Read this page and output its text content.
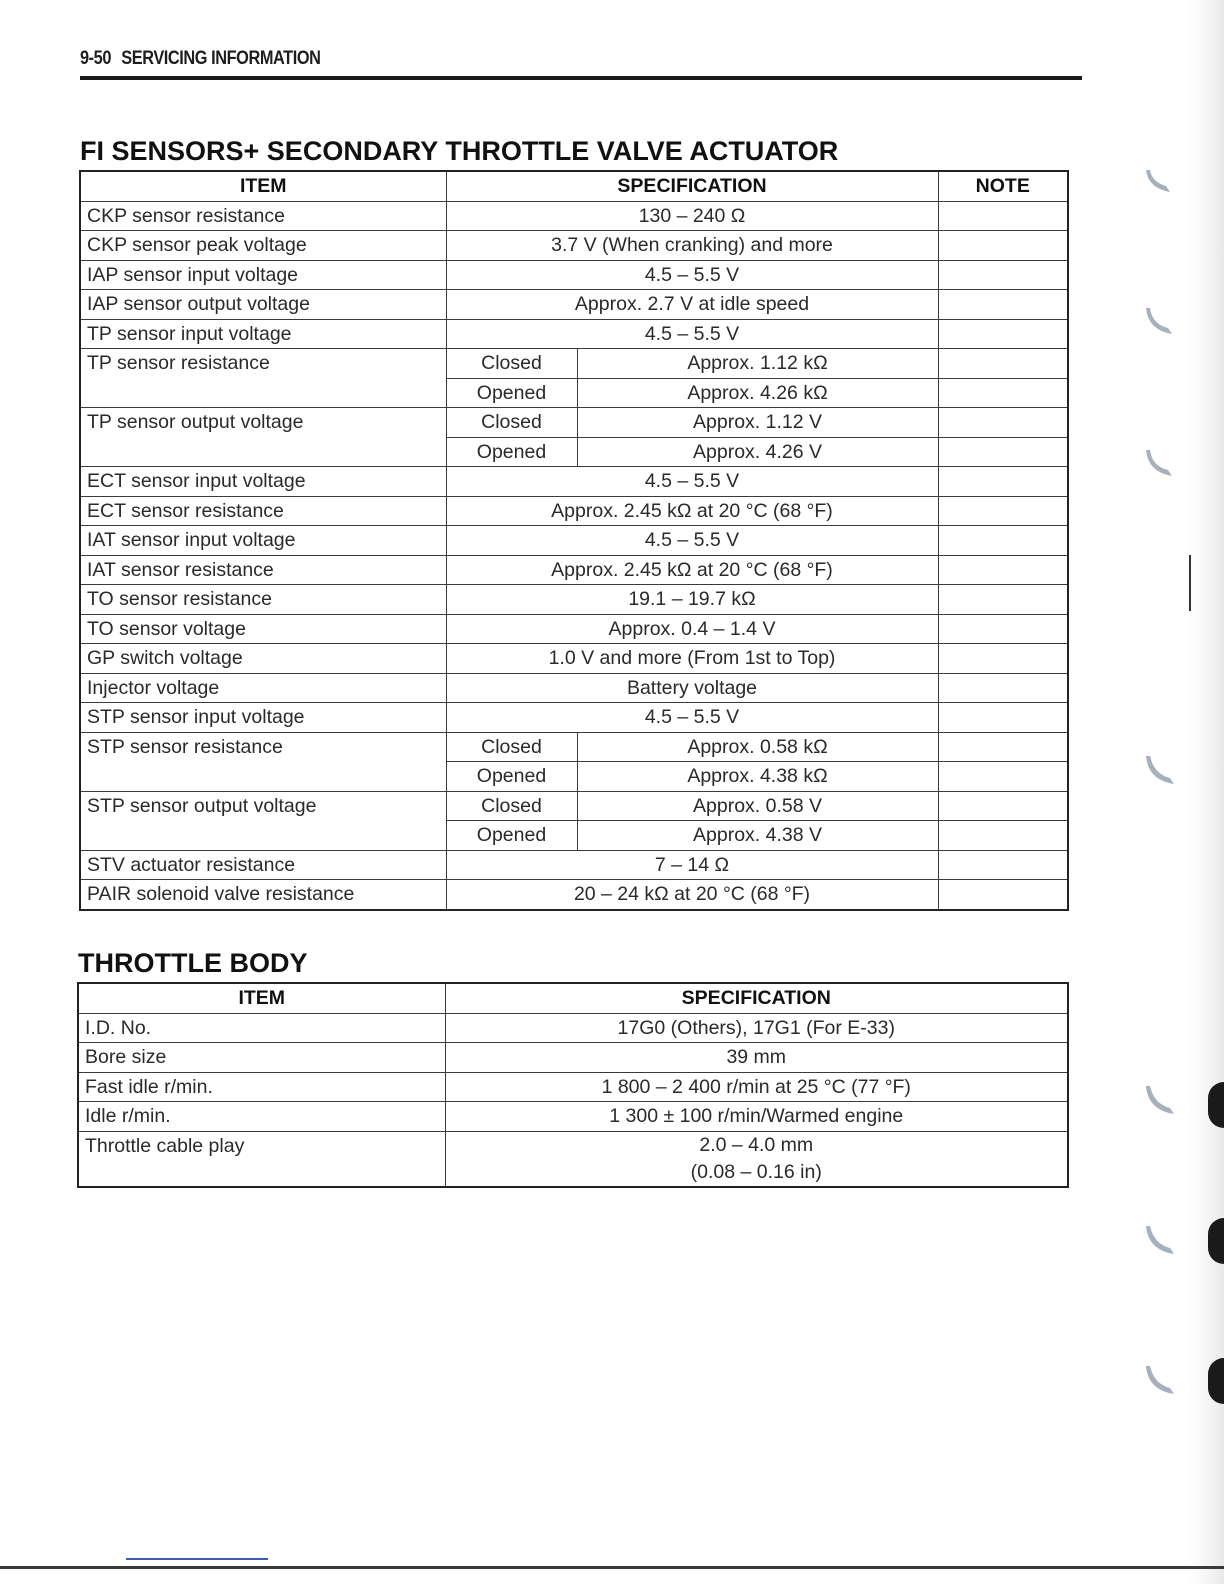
9-50 SERVICING INFORMATION
FI SENSORS+ SECONDARY THROTTLE VALVE ACTUATOR
ITEM	SPECIFICATION		NOTE
CKP sensor resistance	130 – 240 Ω		
CKP sensor peak voltage	3.7 V (When cranking) and more		
IAP sensor input voltage	4.5 – 5.5 V		
IAP sensor output voltage	Approx. 2.7 V at idle speed		
TP sensor input voltage	4.5 – 5.5 V		
TP sensor resistance	Closed	Approx. 1.12 kΩ	
	Opened	Approx. 4.26 kΩ	
TP sensor output voltage	Closed	Approx. 1.12 V	
	Opened	Approx. 4.26 V	
ECT sensor input voltage	4.5 – 5.5 V		
ECT sensor resistance	Approx. 2.45 kΩ at 20 °C (68 °F)		
IAT sensor input voltage	4.5 – 5.5 V		
IAT sensor resistance	Approx. 2.45 kΩ at 20 °C (68 °F)		
TO sensor resistance	19.1 – 19.7 kΩ		
TO sensor voltage	Approx. 0.4 – 1.4 V		
GP switch voltage	1.0 V and more (From 1st to Top)		
Injector voltage	Battery voltage		
STP sensor input voltage	4.5 – 5.5 V		
STP sensor resistance	Closed	Approx. 0.58 kΩ	
	Opened	Approx. 4.38 kΩ	
STP sensor output voltage	Closed	Approx. 0.58 V	
	Opened	Approx. 4.38 V	
STV actuator resistance	7 – 14 Ω		
PAIR solenoid valve resistance	20 – 24 kΩ at 20 °C (68 °F)		
THROTTLE BODY
ITEM	SPECIFICATION
I.D. No.	17G0 (Others), 17G1 (For E-33)
Bore size	39 mm
Fast idle r/min.	1 800 – 2 400 r/min at 25 °C (77 °F)
Idle r/min.	1 300 ± 100 r/min/Warmed engine
Throttle cable play	2.0 – 4.0 mm
(0.08 – 0.16 in)
